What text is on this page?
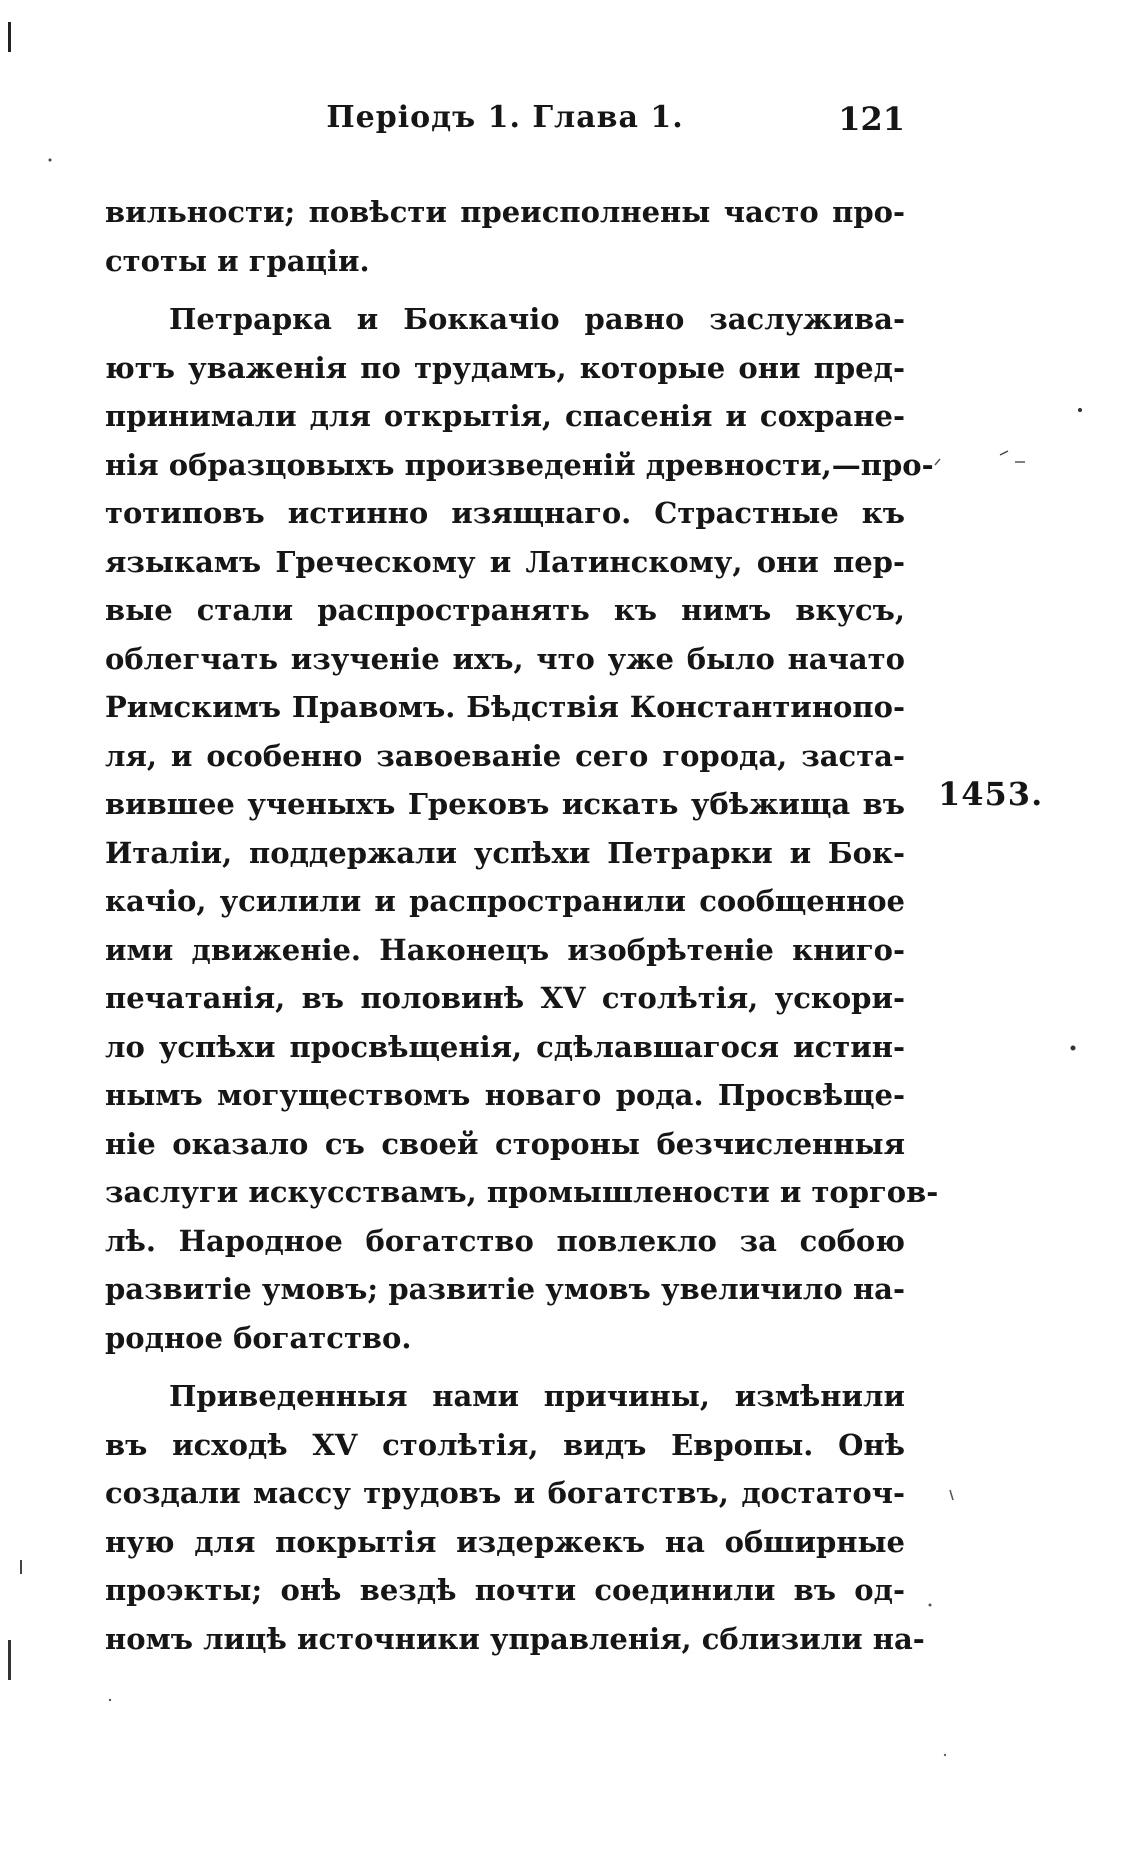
Періодъ 1. Глава 1.	121
вильности; повѣсти преисполнены часто про-
стоты и граціи.
Петрарка и Боккачіо равно заслужива-
ютъ уваженія по трудамъ, которые они пред-
принимали для открытія, спасенія и сохране-
нія образцовыхъ произведеній древности,—про-
тотиповъ истинно изящнаго. Страстные къ
языкамъ Греческому и Латинскому, они пер-
вые стали распространять къ нимъ вкусъ,
облегчать изученіе ихъ, что уже было начато
Римскимъ Правомъ. Бѣдствія Константинопо-
ля, и особенно завоеваніе сего города, заста-
вившее ученыхъ Грековъ искать убѣжища въ
Италіи, поддержали успѣхи Петрарки и Бок-
качіо, усилили и распространили сообщенное
ими движеніе. Наконецъ изобрѣтеніе книго-
печатанія, въ половинѣ XV столѣтія, ускори-
ло успѣхи просвѣщенія, сдѣлавшагося истин-
нымъ могуществомъ новаго рода. Просвѣще-
ніе оказало съ своей стороны безчисленныя
заслуги искусствамъ, промышлености и торгов-
лѣ. Народное богатство повлекло за собою
развитіе умовъ; развитіе умовъ увеличило на-
родное богатство.
Приведенныя нами причины, измѣнили
въ исходѣ XV столѣтія, видъ Европы. Онѣ
создали массу трудовъ и богатствъ, достаточ-
ную для покрытія издержекъ на обширные
проэкты; онѣ вездѣ почти соединили въ од-
номъ лицѣ источники управленія, сблизили на-
1453.
